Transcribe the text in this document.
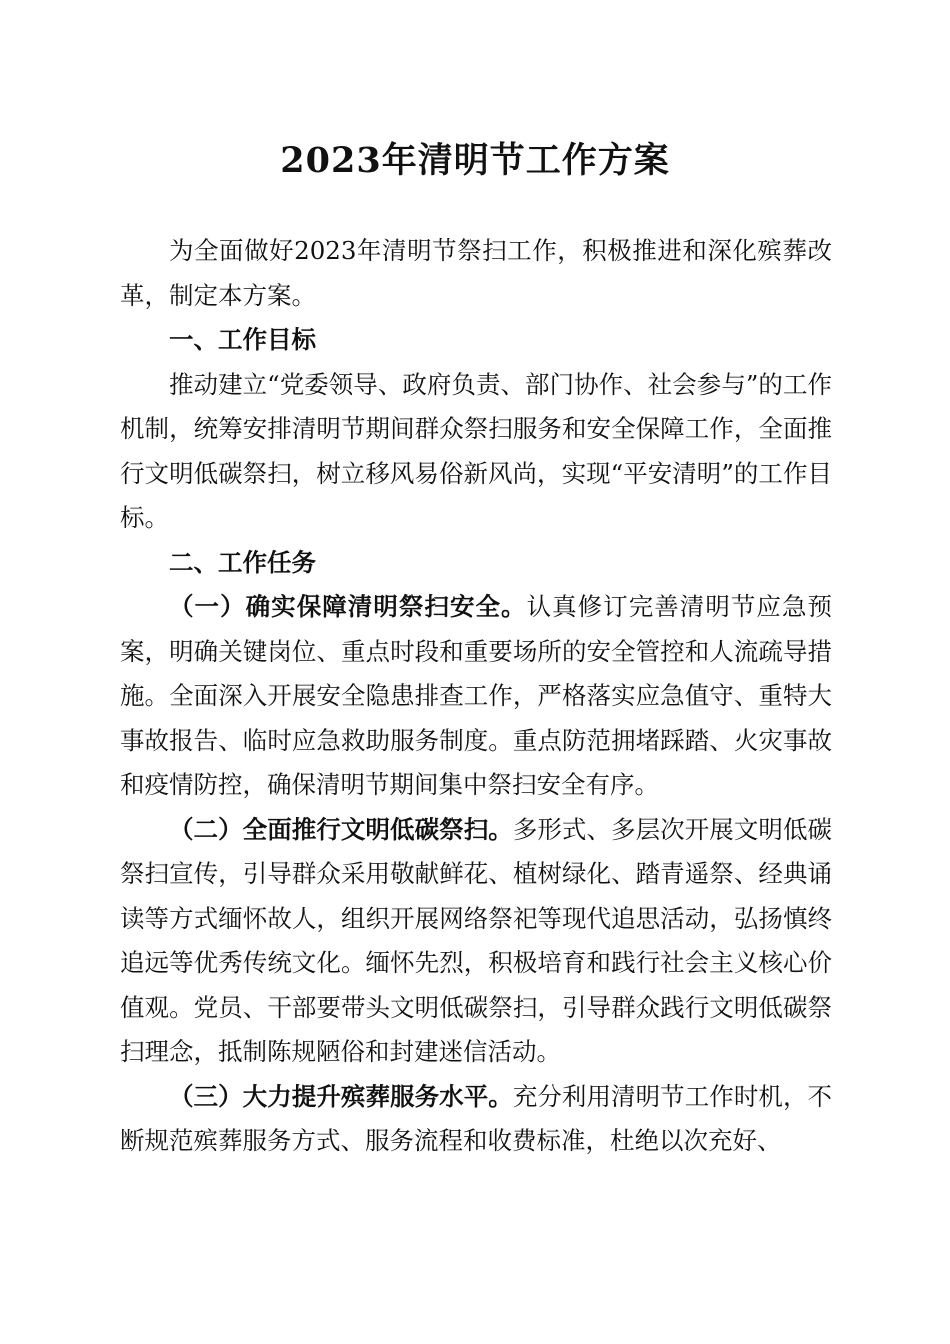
2023年清明节工作方案

为全面做好2023年清明节祭扫工作，积极推进和深化殡葬改革，制定本方案。

一、工作目标

推动建立“党委领导、政府负责、部门协作、社会参与”的工作机制，统筹安排清明节期间群众祭扫服务和安全保障工作，全面推行文明低碳祭扫，树立移风易俗新风尚，实现“平安清明”的工作目标。

二、工作任务

（一）确实保障清明祭扫安全。认真修订完善清明节应急预案，明确关键岗位、重点时段和重要场所的安全管控和人流疏导措施。全面深入开展安全隐患排查工作，严格落实应急值守、重特大事故报告、临时应急救助服务制度。重点防范拥堵踩踏、火灾事故和疫情防控，确保清明节期间集中祭扫安全有序。

（二）全面推行文明低碳祭扫。多形式、多层次开展文明低碳祭扫宣传，引导群众采用敬献鲜花、植树绿化、踏青遥祭、经典诵读等方式缅怀故人，组织开展网络祭祀等现代追思活动，弘扬慎终追远等优秀传统文化。缅怀先烈，积极培育和践行社会主义核心价值观。党员、干部要带头文明低碳祭扫，引导群众践行文明低碳祭扫理念，抵制陈规陋俗和封建迷信活动。

（三）大力提升殡葬服务水平。充分利用清明节工作时机，不断规范殡葬服务方式、服务流程和收费标准，杜绝以次充好、
